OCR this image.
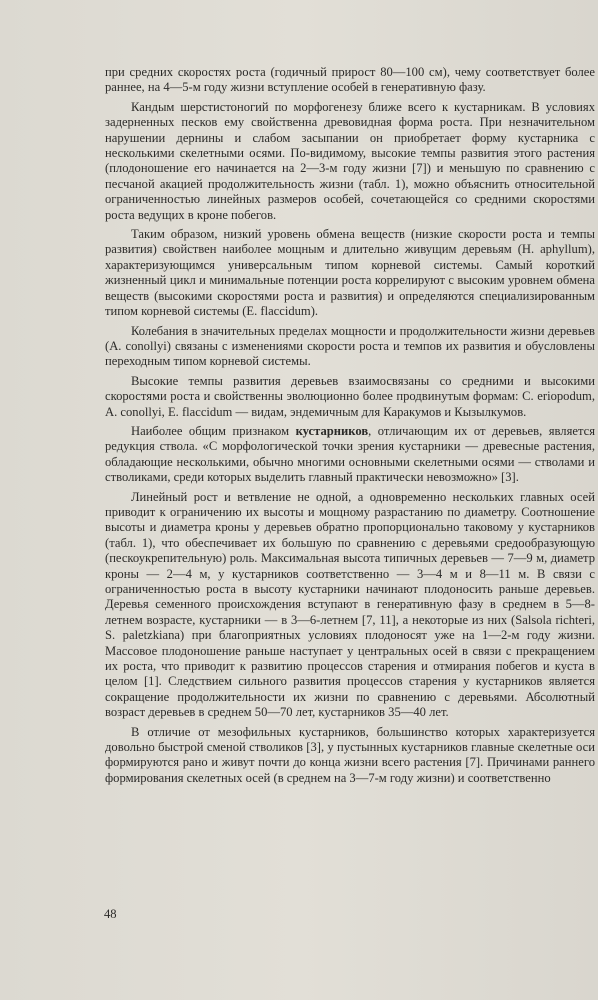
при средних скоростях роста (годичный прирост 80—100 см), чему соответствует более раннее, на 4—5-м году жизни вступление особей в генеративную фазу.

Кандым шерстистоногий по морфогенезу ближе всего к кустарникам. В условиях задерненных песков ему свойственна древовидная форма роста. При незначительном нарушении дернины и слабом засыпании он приобретает форму кустарника с несколькими скелетными осями. По-видимому, высокие темпы развития этого растения (плодоношение его начинается на 2—3-м году жизни [7]) и меньшую по сравнению с песчаной акацией продолжительность жизни (табл. 1), можно объяснить относительной ограниченностью линейных размеров особей, сочетающейся со средними скоростями роста ведущих в кроне побегов.

Таким образом, низкий уровень обмена веществ (низкие скорости роста и темпы развития) свойствен наиболее мощным и длительно живущим деревьям (H. aphyllum), характеризующимся универсальным типом корневой системы. Самый короткий жизненный цикл и минимальные потенции роста коррелируют с высоким уровнем обмена веществ (высокими скоростями роста и развития) и определяются специализированным типом корневой системы (E. flaccidum).

Колебания в значительных пределах мощности и продолжительности жизни деревьев (A. conollyi) связаны с изменениями скорости роста и темпов их развития и обусловлены переходным типом корневой системы.

Высокие темпы развития деревьев взаимосвязаны со средними и высокими скоростями роста и свойственны эволюционно более продвинутым формам: C. eriopodum, A. conollyi, E. flaccidum — видам, эндемичным для Каракумов и Кызылкумов.

Наиболее общим признаком кустарников, отличающим их от деревьев, является редукция ствола. «С морфологической точки зрения кустарники — древесные растения, обладающие несколькими, обычно многими основными скелетными осями — стволами и стволиками, среди которых выделить главный практически невозможно» [3].

Линейный рост и ветвление не одной, а одновременно нескольких главных осей приводит к ограничению их высоты и мощному разрастанию по диаметру. Соотношение высоты и диаметра кроны у деревьев обратно пропорционально таковому у кустарников (табл. 1), что обеспечивает их большую по сравнению с деревьями средообразующую (пескоукрепительную) роль. Максимальная высота типичных деревьев — 7—9 м, диаметр кроны — 2—4 м, у кустарников соответственно — 3—4 м и 8—11 м. В связи с ограниченностью роста в высоту кустарники начинают плодоносить раньше деревьев. Деревья семенного происхождения вступают в генеративную фазу в среднем в 5—8-летнем возрасте, кустарники — в 3—6-летнем [7, 11], а некоторые из них (Salsola richteri, S. paletzkiana) при благоприятных условиях плодоносят уже на 1—2-м году жизни. Массовое плодоношение раньше наступает у центральных осей в связи с прекращением их роста, что приводит к развитию процессов старения и отмирания побегов и куста в целом [1]. Следствием сильного развития процессов старения у кустарников является сокращение продолжительности их жизни по сравнению с деревьями. Абсолютный возраст деревьев в среднем 50—70 лет, кустарников 35—40 лет.

В отличие от мезофильных кустарников, большинство которых характеризуется довольно быстрой сменой стволиков [3], у пустынных кустарников главные скелетные оси формируются рано и живут почти до конца жизни всего растения [7]. Причинами раннего формирования скелетных осей (в среднем на 3—7-м году жизни) и соответственно

48
